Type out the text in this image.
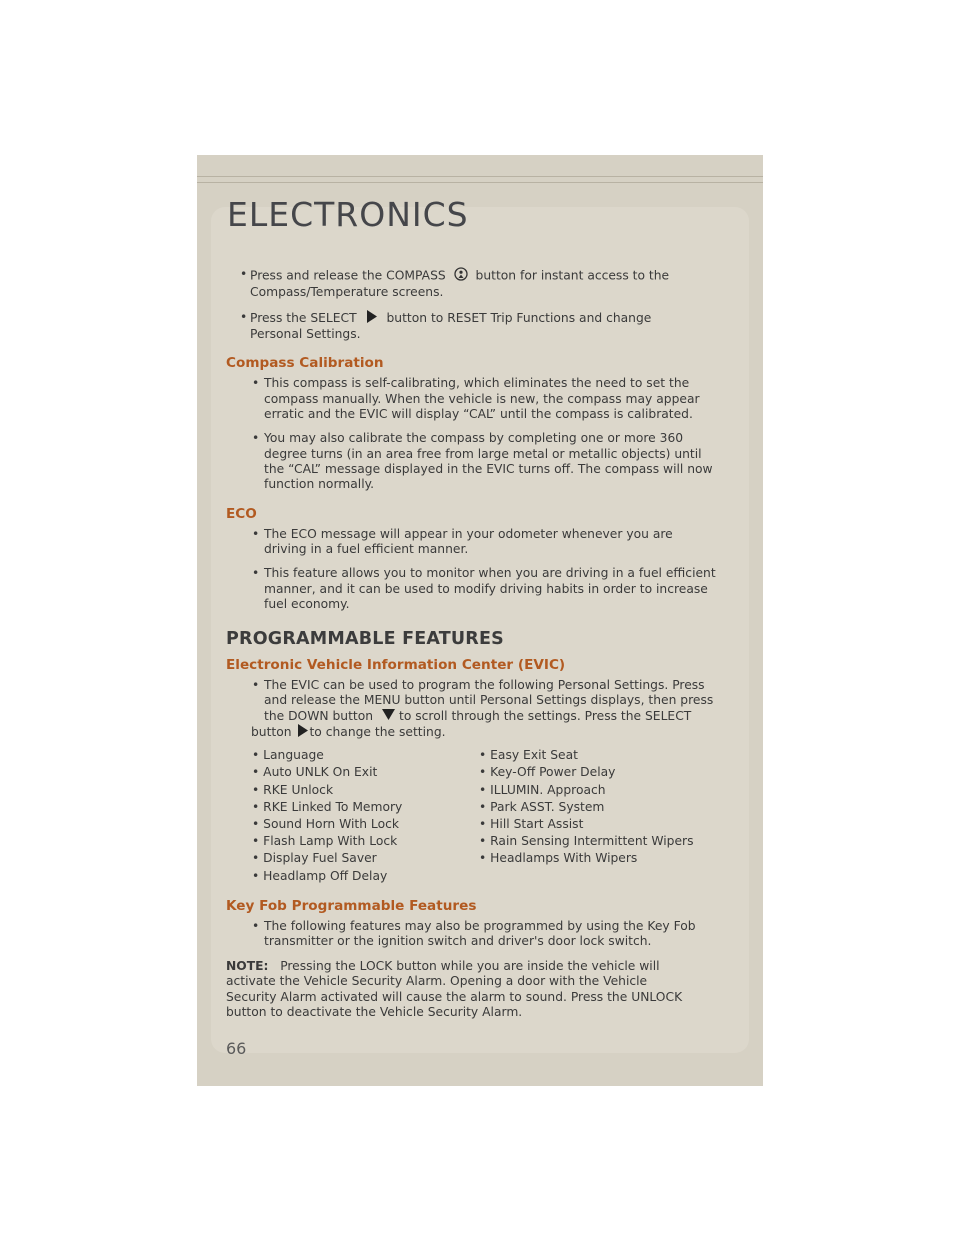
ELECTRONICS
• Press and release the COMPASS button for instant access to the
Compass/Temperature screens.
• Press the SELECT button to RESET Trip Functions and change
Personal Settings.
Compass Calibration
• This compass is self-calibrating, which eliminates the need to set the
compass manually. When the vehicle is new, the compass may appear
erratic and the EVIC will display “CAL” until the compass is calibrated.
• You may also calibrate the compass by completing one or more 360
degree turns (in an area free from large metal or metallic objects) until
the “CAL” message displayed in the EVIC turns off. The compass will now
function normally.
ECO
• The ECO message will appear in your odometer whenever you are
driving in a fuel efficient manner.
• This feature allows you to monitor when you are driving in a fuel efficient
manner, and it can be used to modify driving habits in order to increase
fuel economy.
PROGRAMMABLE FEATURES
Electronic Vehicle Information Center (EVIC)
• The EVIC can be used to program the following Personal Settings. Press
and release the MENU button until Personal Settings displays, then press
the DOWN button to scroll through the settings. Press the SELECT
button to change the setting.
• Language
• Auto UNLK On Exit
• RKE Unlock
• RKE Linked To Memory
• Sound Horn With Lock
• Flash Lamp With Lock
• Display Fuel Saver
• Headlamp Off Delay
• Easy Exit Seat
• Key-Off Power Delay
• ILLUMIN. Approach
• Park ASST. System
• Hill Start Assist
• Rain Sensing Intermittent Wipers
• Headlamps With Wipers
Key Fob Programmable Features
• The following features may also be programmed by using the Key Fob
transmitter or the ignition switch and driver's door lock switch.
NOTE: Pressing the LOCK button while you are inside the vehicle will
activate the Vehicle Security Alarm. Opening a door with the Vehicle
Security Alarm activated will cause the alarm to sound. Press the UNLOCK
button to deactivate the Vehicle Security Alarm.
66
